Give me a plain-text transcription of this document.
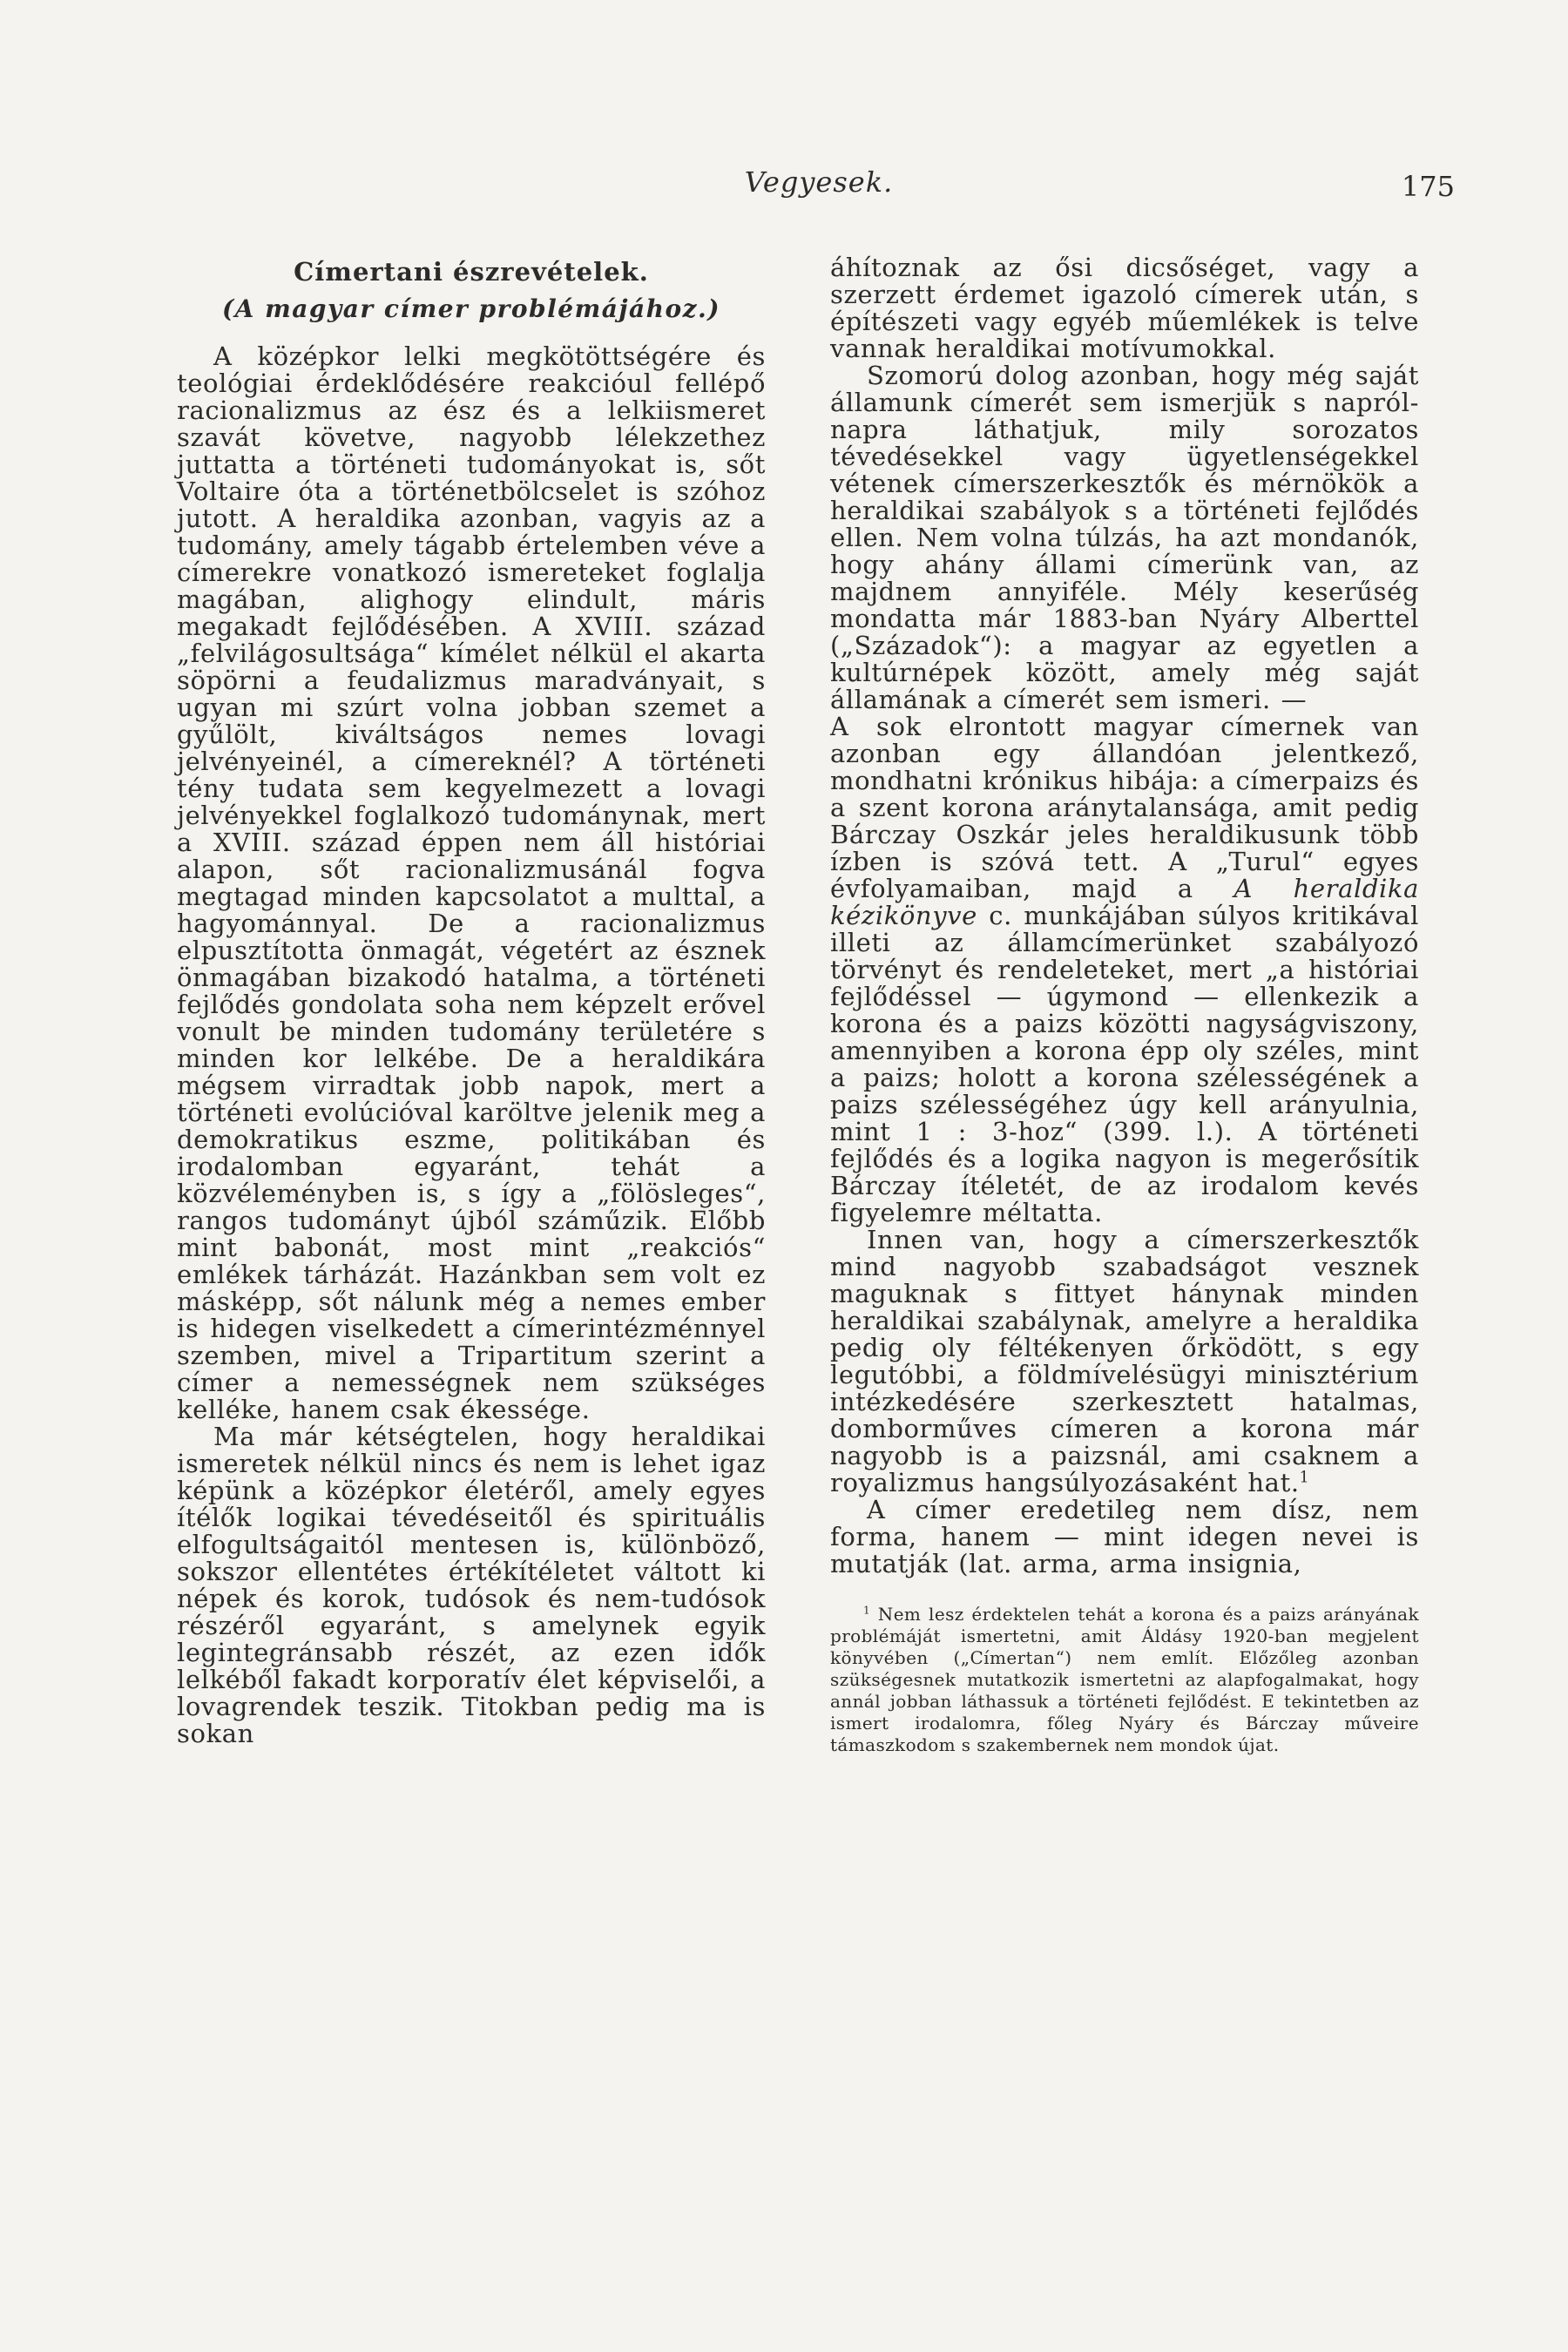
Vegyesek.	175
Címertani észrevételek.
(A magyar címer problémájához.)

A középkor lelki megkötöttségére és teológiai érdeklődésére reakcióul fellépő racionalizmus az ész és a lelkiismeret szavát követve, nagyobb lélekzethez juttatta a történeti tudományokat is, sőt Voltaire óta a történetbölcselet is szóhoz jutott. A heraldika azonban, vagyis az a tudomány, amely tágabb értelemben véve a címerekre vonatkozó ismereteket foglalja magában, alighogy elindult, máris megakadt fejlődésében. A XVIII. század „felvilágosultsága“ kímélet nélkül el akarta söpörni a feudalizmus maradványait, s ugyan mi szúrt volna jobban szemet a gyűlölt, kiváltságos nemes lovagi jelvényeinél, a címereknél? A történeti tény tudata sem kegyelmezett a lovagi jelvényekkel foglalkozó tudománynak, mert a XVIII. század éppen nem áll históriai alapon, sőt racionalizmusánál fogva megtagad minden kapcsolatot a multtal, a hagyománnyal. De a racionalizmus elpusztította önmagát, végetért az észnek önmagában bizakodó hatalma, a történeti fejlődés gondolata soha nem képzelt erővel vonult be minden tudomány területére s minden kor lelkébe. De a heraldikára mégsem virradtak jobb napok, mert a történeti evolúcióval karöltve jelenik meg a demokratikus eszme, politikában és irodalomban egyaránt, tehát a közvéleményben is, s így a „fölösleges“, rangos tudományt újból száműzik. Előbb mint babonát, most mint „reakciós“ emlékek tárházát. Hazánkban sem volt ez másképp, sőt nálunk még a nemes ember is hidegen viselkedett a címerintézménnyel szemben, mivel a Tripartitum szerint a címer a nemességnek nem szükséges kelléke, hanem csak ékessége.

Ma már kétségtelen, hogy heraldikai ismeretek nélkül nincs és nem is lehet igaz képünk a középkor életéről, amely egyes ítélők logikai tévedéseitől és spirituális elfogultságaitól mentesen is, különböző, sokszor ellentétes értékítéletet váltott ki népek és korok, tudósok és nem-tudósok részéről egyaránt, s amelynek egyik legintegránsabb részét, az ezen idők lelkéből fakadt korporatív élet képviselői, a lovagrendek teszik. Titokban pedig ma is sokan

áhítoznak az ősi dicsőséget, vagy a szerzett érdemet igazoló címerek után, s építészeti vagy egyéb műemlékek is telve vannak heraldikai motívumokkal.

Szomorú dolog azonban, hogy még saját államunk címerét sem ismerjük s napról-napra láthatjuk, mily sorozatos tévedésekkel vagy ügyetlenségekkel vétenek címerszerkesztők és mérnökök a heraldikai szabályok s a történeti fejlődés ellen. Nem volna túlzás, ha azt mondanók, hogy ahány állami címerünk van, az majdnem annyiféle. Mély keserűség mondatta már 1883-ban Nyáry Alberttel („Századok“): a magyar az egyetlen a kultúrnépek között, amely még saját államának a címerét sem ismeri. —

A sok elrontott magyar címernek van azonban egy állandóan jelentkező, mondhatni krónikus hibája: a címerpaizs és a szent korona aránytalansága, amit pedig Bárczay Oszkár jeles heraldikusunk több ízben is szóvá tett. A „Turul“ egyes évfolyamaiban, majd a A heraldika kézikönyve c. munkájában súlyos kritikával illeti az államcímerünket szabályozó törvényt és rendeleteket, mert „a históriai fejlődéssel — úgymond — ellenkezik a korona és a paizs közötti nagyságviszony, amennyiben a korona épp oly széles, mint a paizs; holott a korona szélességének a paizs szélességéhez úgy kell arányulnia, mint 1 : 3-hoz“ (399. l.). A történeti fejlődés és a logika nagyon is megerősítik Bárczay ítéletét, de az irodalom kevés figyelemre méltatta.

Innen van, hogy a címerszerkesztők mind nagyobb szabadságot vesznek maguknak s fittyet hánynak minden heraldikai szabálynak, amelyre a heraldika pedig oly féltékenyen őrködött, s egy legutóbbi, a földmívelésügyi minisztérium intézkedésére szerkesztett hatalmas, domborműves címeren a korona már nagyobb is a paizsnál, ami csaknem a royalizmus hangsúlyozásaként hat.$^1$

A címer eredetileg nem dísz, nem forma, hanem — mint idegen nevei is mutatják (lat. arma, arma insignia,

$^1$ Nem lesz érdektelen tehát a korona és a paizs arányának problémáját ismertetni, amit Áldásy 1920-ban megjelent könyvében („Címertan“) nem említ. Előzőleg azonban szükségesnek mutatkozik ismertetni az alapfogalmakat, hogy annál jobban láthassuk a történeti fejlődést. E tekintetben az ismert irodalomra, főleg Nyáry és Bárczay műveire támaszkodom s szakembernek nem mondok újat.
